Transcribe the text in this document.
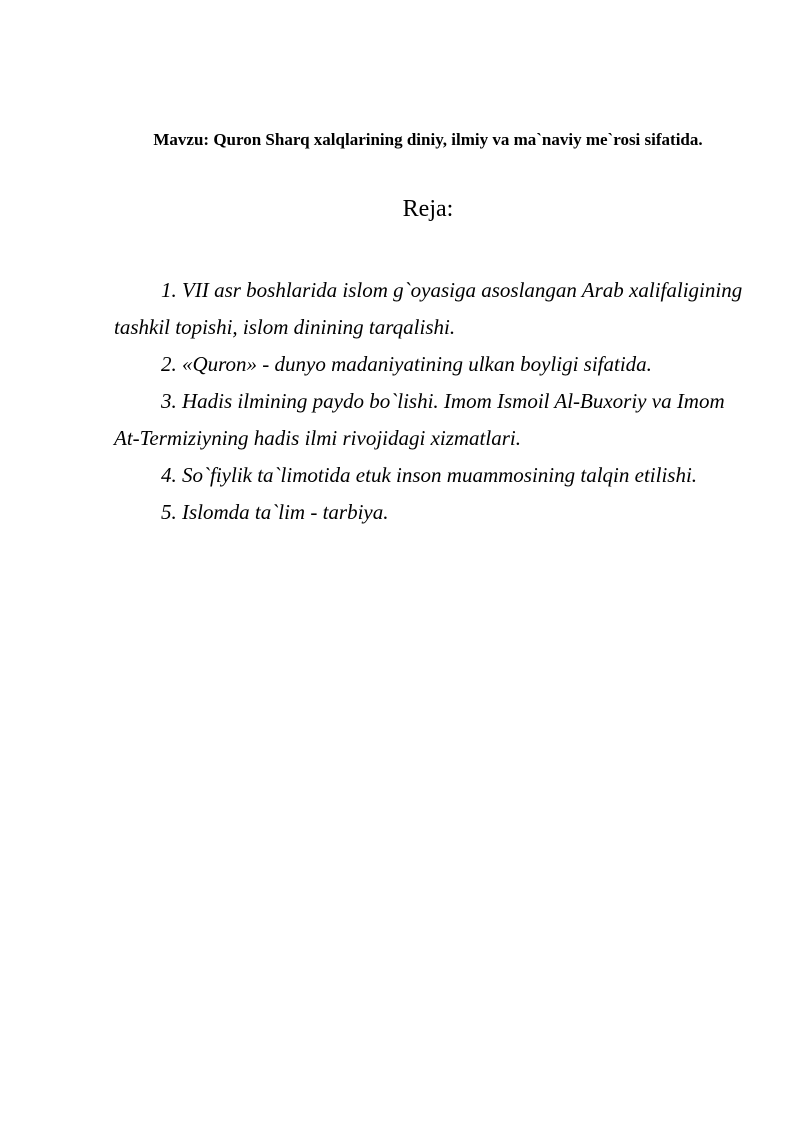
Mavzu: Quron Sharq xalqlarining diniy, ilmiy va ma`naviy me`rosi sifatida.
Reja:

1. VII asr boshlarida islom g`oyasiga asoslangan Arab xalifaligining tashkil topishi, islom dinining tarqalishi.

2. «Quron» - dunyo madaniyatining ulkan boyligi sifatida.

3. Hadis ilmining paydo bo`lishi. Imom Ismoil Al-Buxoriy va Imom At-Termiziyning hadis ilmi rivojidagi xizmatlari.

4. So`fiylik ta`limotida etuk inson muammosining talqin etilishi.

5. Islomda ta`lim - tarbiya.
